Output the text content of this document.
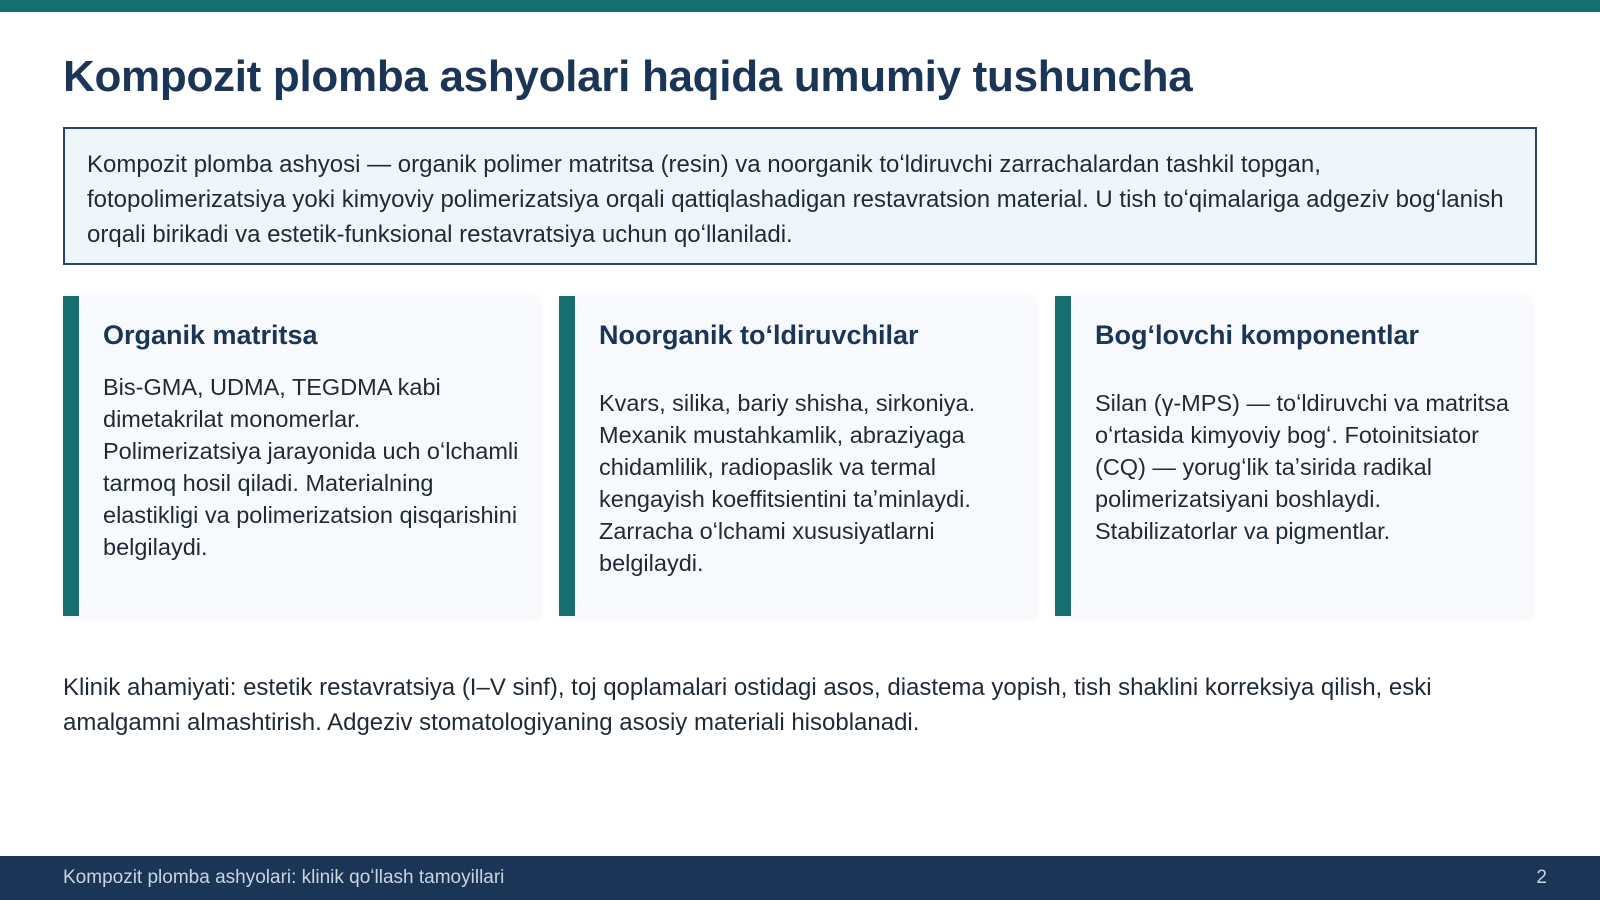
Kompozit plomba ashyolari haqida umumiy tushuncha

Kompozit plomba ashyosi — organik polimer matritsa (resin) va noorganik toʻldiruvchi zarrachalardan tashkil topgan, fotopolimerizatsiya yoki kimyoviy polimerizatsiya orqali qattiqlashadigan restavratsion material. U tish toʻqimalariga adgeziv bogʻlanish orqali birikadi va estetik-funksional restavratsiya uchun qoʻllaniladi.

Organik matritsa

Bis-GMA, UDMA, TEGDMA kabi dimetakrilat monomerlar. Polimerizatsiya jarayonida uch oʻlchamli tarmoq hosil qiladi. Materialning elastikligi va polimerizatsion qisqarishini belgilaydi.

Noorganik toʻldiruvchilar

Kvars, silika, bariy shisha, sirkoniya. Mexanik mustahkamlik, abraziyaga chidamlilik, radiopaslik va termal kengayish koeffitsientini taʼminlaydi. Zarracha oʻlchami xususiyatlarni belgilaydi.

Bogʻlovchi komponentlar

Silan (γ-MPS) — toʻldiruvchi va matritsa oʻrtasida kimyoviy bogʻ. Fotoinitsiator (CQ) — yorugʻlik taʼsirida radikal polimerizatsiyani boshlaydi. Stabilizatorlar va pigmentlar.

Klinik ahamiyati: estetik restavratsiya (I–V sinf), toj qoplamalari ostidagi asos, diastema yopish, tish shaklini korreksiya qilish, eski amalgamni almashtirish. Adgeziv stomatologiyaning asosiy materiali hisoblanadi.

Kompozit plomba ashyolari: klinik qoʻllash tamoyillari	2
